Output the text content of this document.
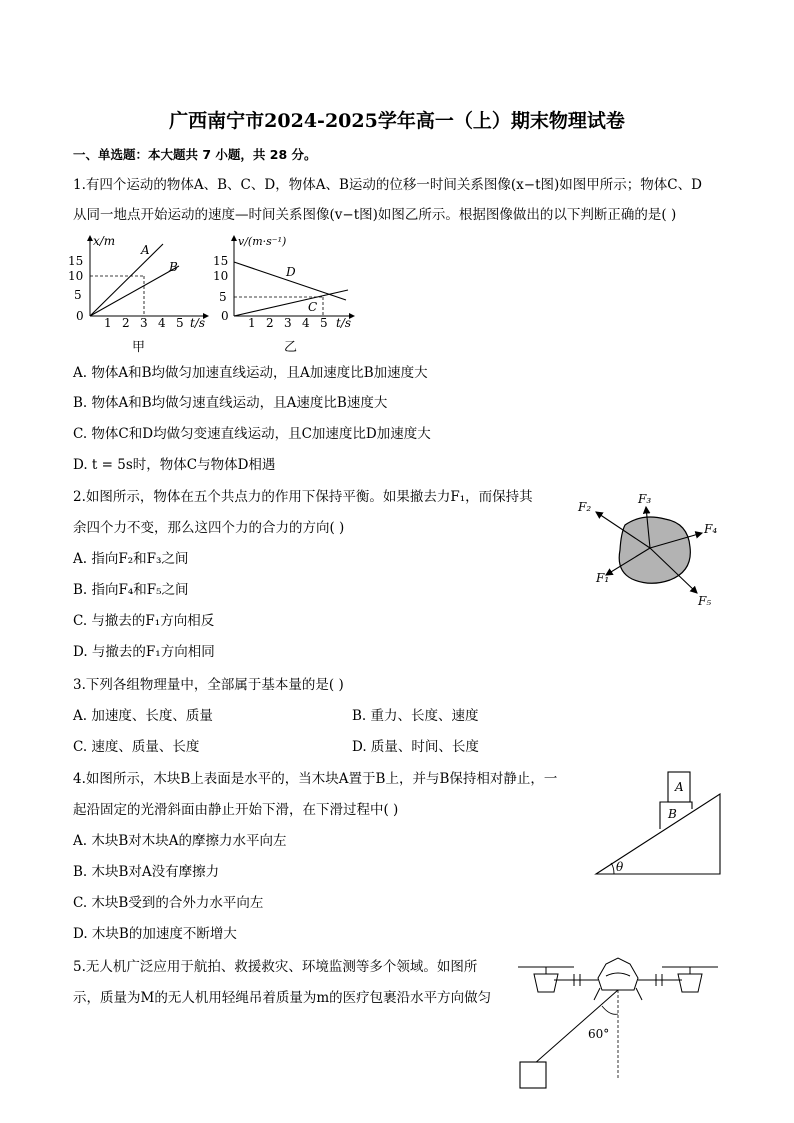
广西南宁市2024-2025学年高一（上）期末物理试卷
一、单选题：本大题共 7 小题，共 28 分。
1.有四个运动的物体A、B、C、D，物体A、B运动的位移一时间关系图像(x−t图)如图甲所示；物体C、D
从同一地点开始运动的速度—时间关系图像(v−t图)如图乙所示。根据图像做出的以下判断正确的是( )
x/m
t/s
A
B
15
10
5
0 1 2 3 4 5
甲
v/(m·s⁻¹)
t/s
D
C
15
10
5
0 1 2 3 4 5
乙
A. 物体A和B均做匀加速直线运动，且A加速度比B加速度大
B. 物体A和B均做匀速直线运动，且A速度比B速度大
C. 物体C和D均做匀变速直线运动，且C加速度比D加速度大
D. t = 5s时，物体C与物体D相遇
2.如图所示，物体在五个共点力的作用下保持平衡。如果撤去力F₁，而保持其
余四个力不变，那么这四个力的合力的方向( )
A. 指向F₂和F₃之间
B. 指向F₄和F₅之间
C. 与撤去的F₁方向相反
D. 与撤去的F₁方向相同
F₁
F₂
F₃
F₄
F₅
3.下列各组物理量中，全部属于基本量的是( )
A. 加速度、长度、质量	B. 重力、长度、速度
C. 速度、质量、长度	D. 质量、时间、长度
4.如图所示，木块B上表面是水平的，当木块A置于B上，并与B保持相对静止，一
起沿固定的光滑斜面由静止开始下滑，在下滑过程中( )
A. 木块B对木块A的摩擦力水平向左
B. 木块B对A没有摩擦力
C. 木块B受到的合外力水平向左
D. 木块B的加速度不断增大
A
B
θ
5.无人机广泛应用于航拍、救援救灾、环境监测等多个领域。如图所
示，质量为M的无人机用轻绳吊着质量为m的医疗包裹沿水平方向做匀
60°
